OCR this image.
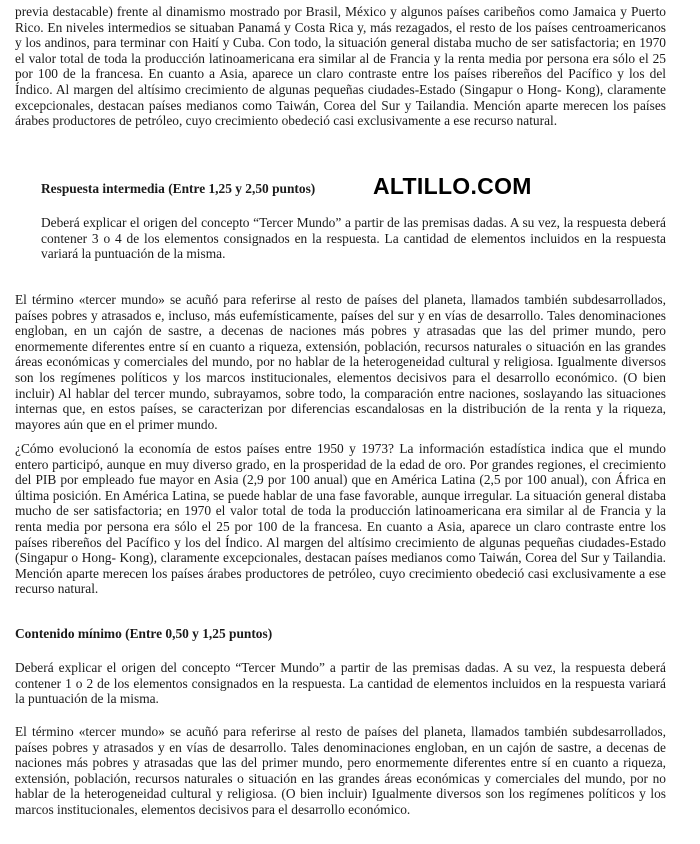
previa destacable) frente al dinamismo mostrado por Brasil, México y algunos países caribeños como Jamaica y Puerto Rico. En niveles intermedios se situaban Panamá y Costa Rica y, más rezagados, el resto de los países centroamericanos y los andinos, para terminar con Haití y Cuba. Con todo, la situación general distaba mucho de ser satisfactoria; en 1970 el valor total de toda la producción latinoamericana era similar al de Francia y la renta media por persona era sólo el 25 por 100 de la francesa. En cuanto a Asia, aparece un claro contraste entre los países ribereños del Pacífico y los del Índico. Al margen del altísimo crecimiento de algunas pequeñas ciudades-Estado (Singapur o Hong- Kong), claramente excepcionales, destacan países medianos como Taiwán, Corea del Sur y Tailandia. Mención aparte merecen los países árabes productores de petróleo, cuyo crecimiento obedeció casi exclusivamente a ese recurso natural.

Respuesta intermedia (Entre 1,25 y 2,50 puntos)	ALTILLO.COM

Deberá explicar el origen del concepto “Tercer Mundo” a partir de las premisas dadas. A su vez, la respuesta deberá contener 3 o 4 de los elementos consignados en la respuesta. La cantidad de elementos incluidos en la respuesta variará la puntuación de la misma.

El término «tercer mundo» se acuñó para referirse al resto de países del planeta, llamados también subdesarrollados, países pobres y atrasados e, incluso, más eufemísticamente, países del sur y en vías de desarrollo. Tales denominaciones engloban, en un cajón de sastre, a decenas de naciones más pobres y atrasadas que las del primer mundo, pero enormemente diferentes entre sí en cuanto a riqueza, extensión, población, recursos naturales o situación en las grandes áreas económicas y comerciales del mundo, por no hablar de la heterogeneidad cultural y religiosa. Igualmente diversos son los regímenes políticos y los marcos institucionales, elementos decisivos para el desarrollo económico. (O bien incluir) Al hablar del tercer mundo, subrayamos, sobre todo, la comparación entre naciones, soslayando las situaciones internas que, en estos países, se caracterizan por diferencias escandalosas en la distribución de la renta y la riqueza, mayores aún que en el primer mundo.

¿Cómo evolucionó la economía de estos países entre 1950 y 1973? La información estadística indica que el mundo entero participó, aunque en muy diverso grado, en la prosperidad de la edad de oro. Por grandes regiones, el crecimiento del PIB por empleado fue mayor en Asia (2,9 por 100 anual) que en América Latina (2,5 por 100 anual), con África en última posición. En América Latina, se puede hablar de una fase favorable, aunque irregular. La situación general distaba mucho de ser satisfactoria; en 1970 el valor total de toda la producción latinoamericana era similar al de Francia y la renta media por persona era sólo el 25 por 100 de la francesa. En cuanto a Asia, aparece un claro contraste entre los países ribereños del Pacífico y los del Índico. Al margen del altísimo crecimiento de algunas pequeñas ciudades-Estado (Singapur o Hong- Kong), claramente excepcionales, destacan países medianos como Taiwán, Corea del Sur y Tailandia. Mención aparte merecen los países árabes productores de petróleo, cuyo crecimiento obedeció casi exclusivamente a ese recurso natural.

Contenido mínimo (Entre 0,50 y 1,25 puntos)

Deberá explicar el origen del concepto “Tercer Mundo” a partir de las premisas dadas. A su vez, la respuesta deberá contener 1 o 2 de los elementos consignados en la respuesta. La cantidad de elementos incluidos en la respuesta variará la puntuación de la misma.

El término «tercer mundo» se acuñó para referirse al resto de países del planeta, llamados también subdesarrollados, países pobres y atrasados y en vías de desarrollo. Tales denominaciones engloban, en un cajón de sastre, a decenas de naciones más pobres y atrasadas que las del primer mundo, pero enormemente diferentes entre sí en cuanto a riqueza, extensión, población, recursos naturales o situación en las grandes áreas económicas y comerciales del mundo, por no hablar de la heterogeneidad cultural y religiosa. (O bien incluir) Igualmente diversos son los regímenes políticos y los marcos institucionales, elementos decisivos para el desarrollo económico.
